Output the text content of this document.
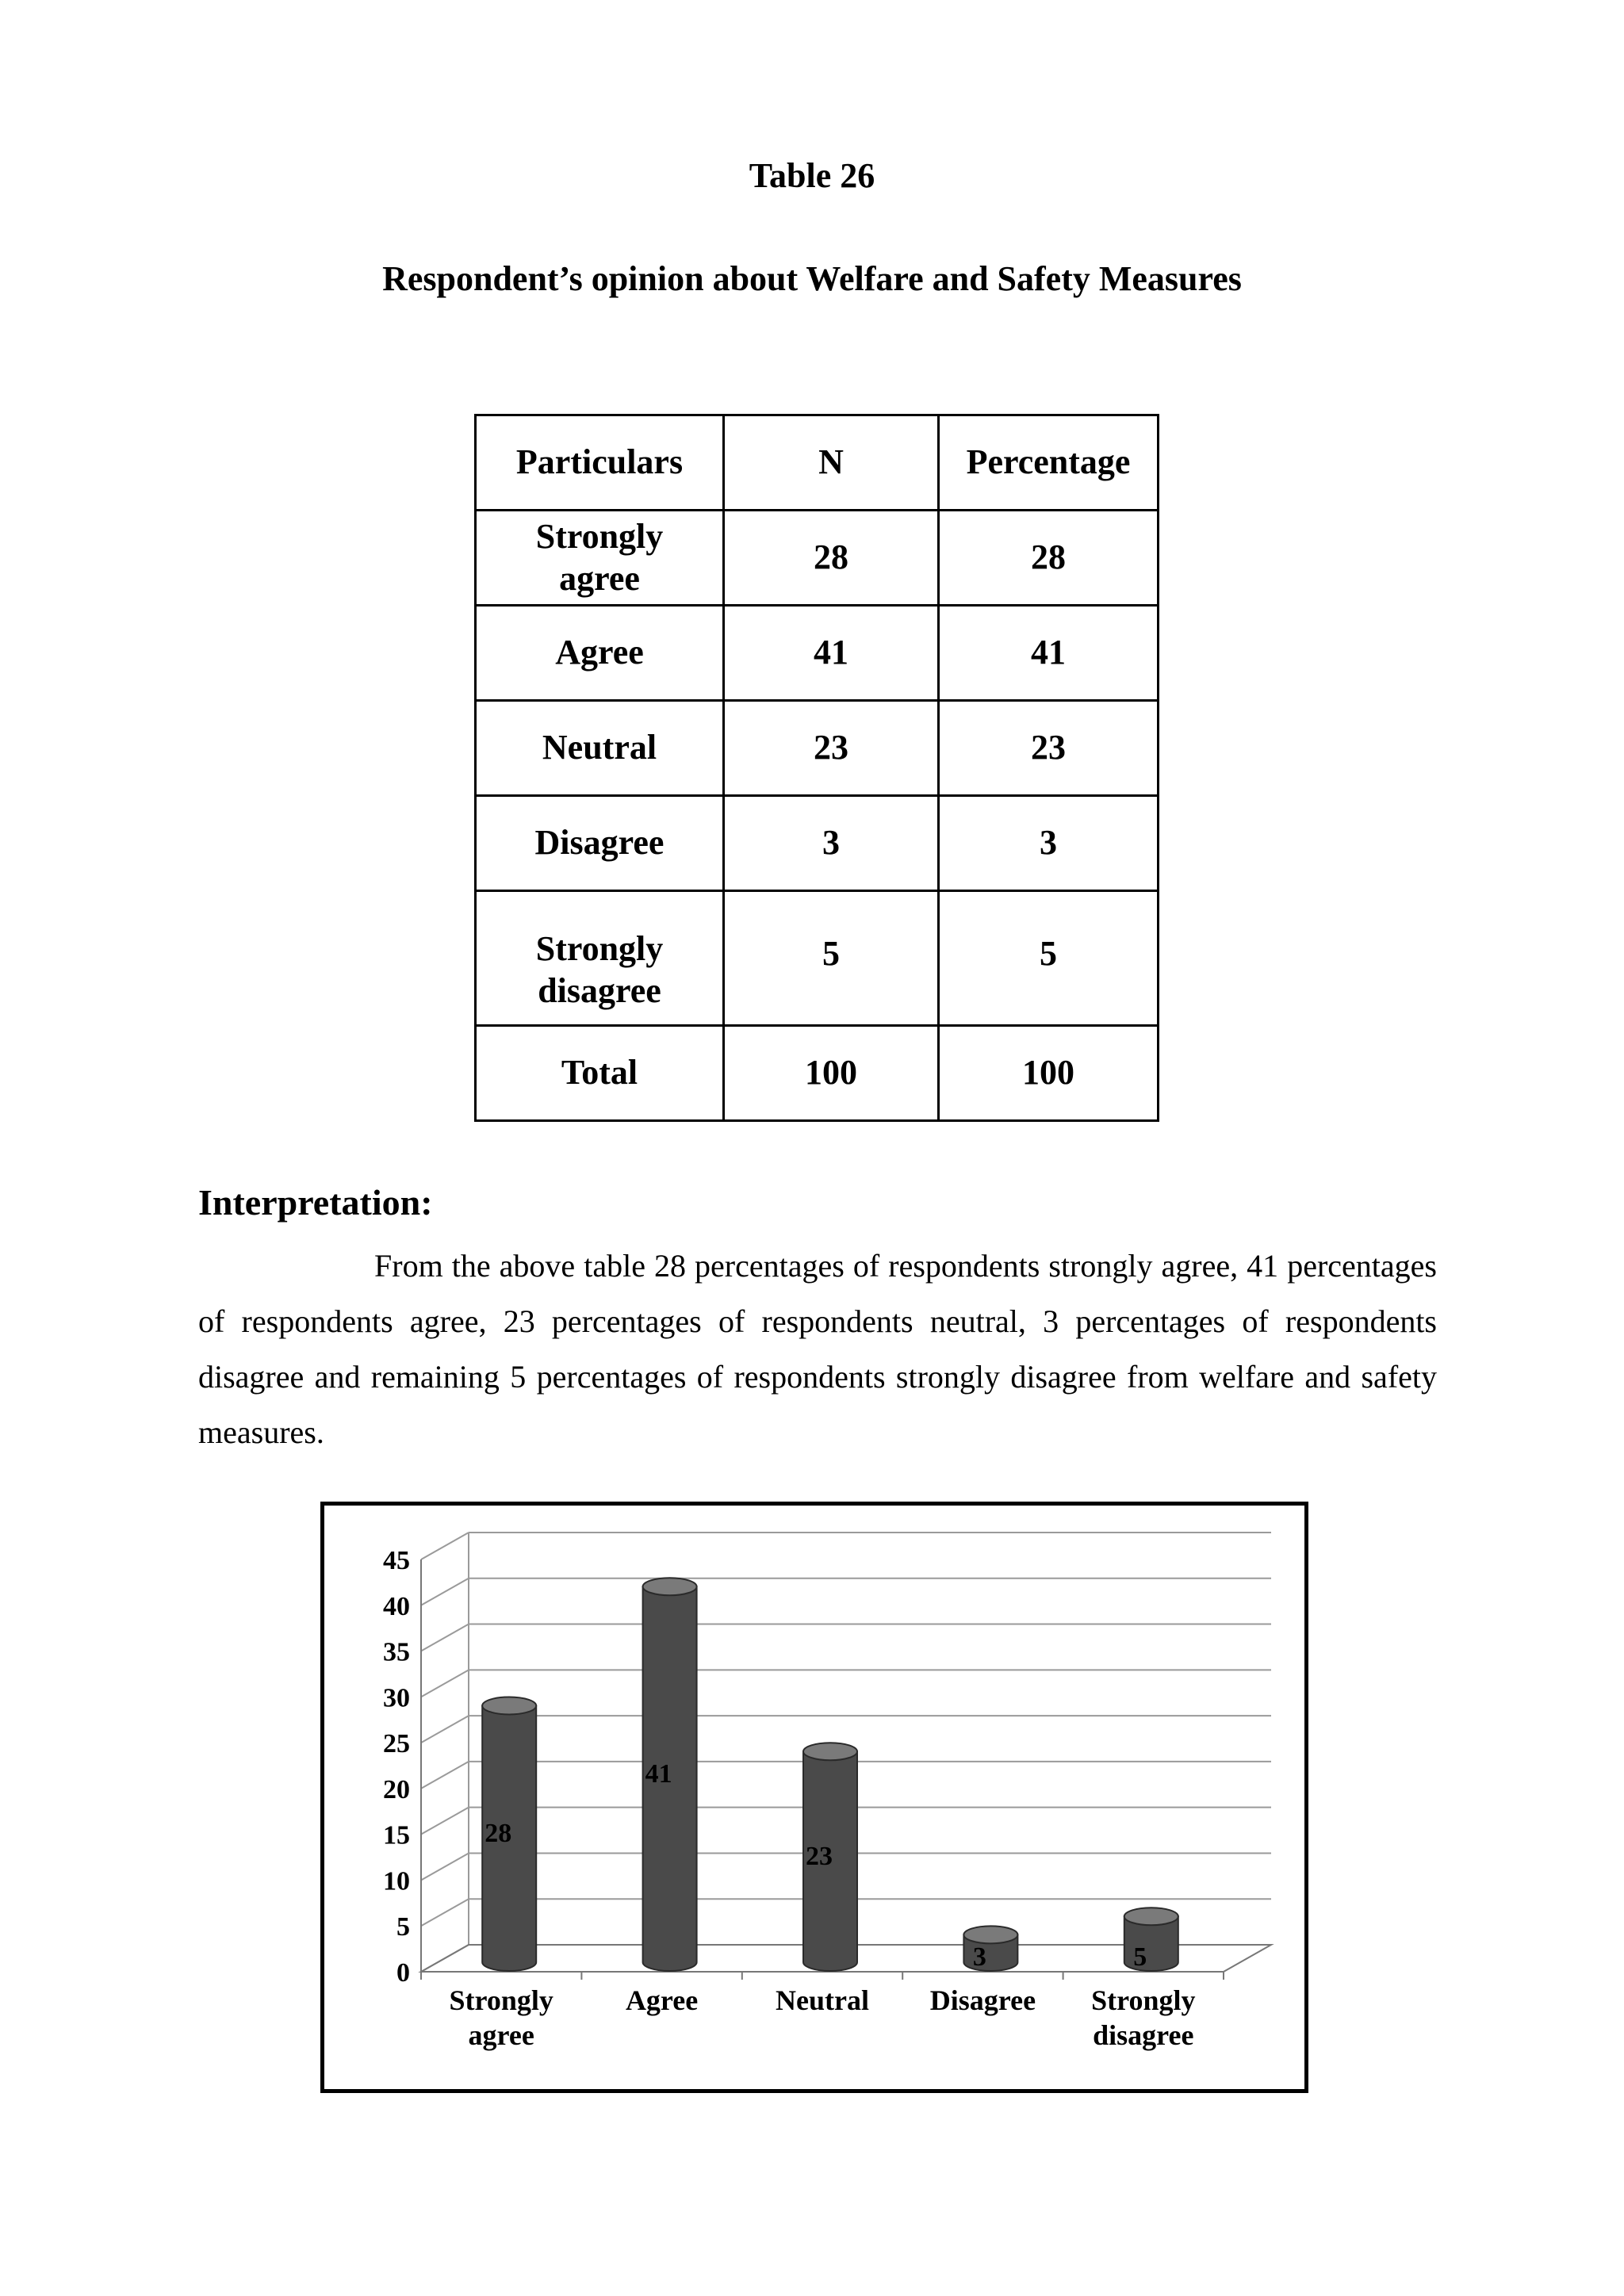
Table 26
Respondent’s opinion about Welfare and Safety Measures
Particulars	N	Percentage
Strongly agree	28	28
Agree	41	41
Neutral	23	23
Disagree	3	3
Strongly disagree	5	5
Total	100	100
Interpretation:

From the above table 28 percentages of respondents strongly agree, 41 percentages of respondents agree, 23 percentages of respondents neutral, 3 percentages of respondents disagree and remaining 5 percentages of respondents strongly disagree from welfare and safety measures.

0
5
10
15
20
25
30
35
40
45
28
41
23
3	5
Strongly agree
Agree	Neutral Disagree Strongly disagree
